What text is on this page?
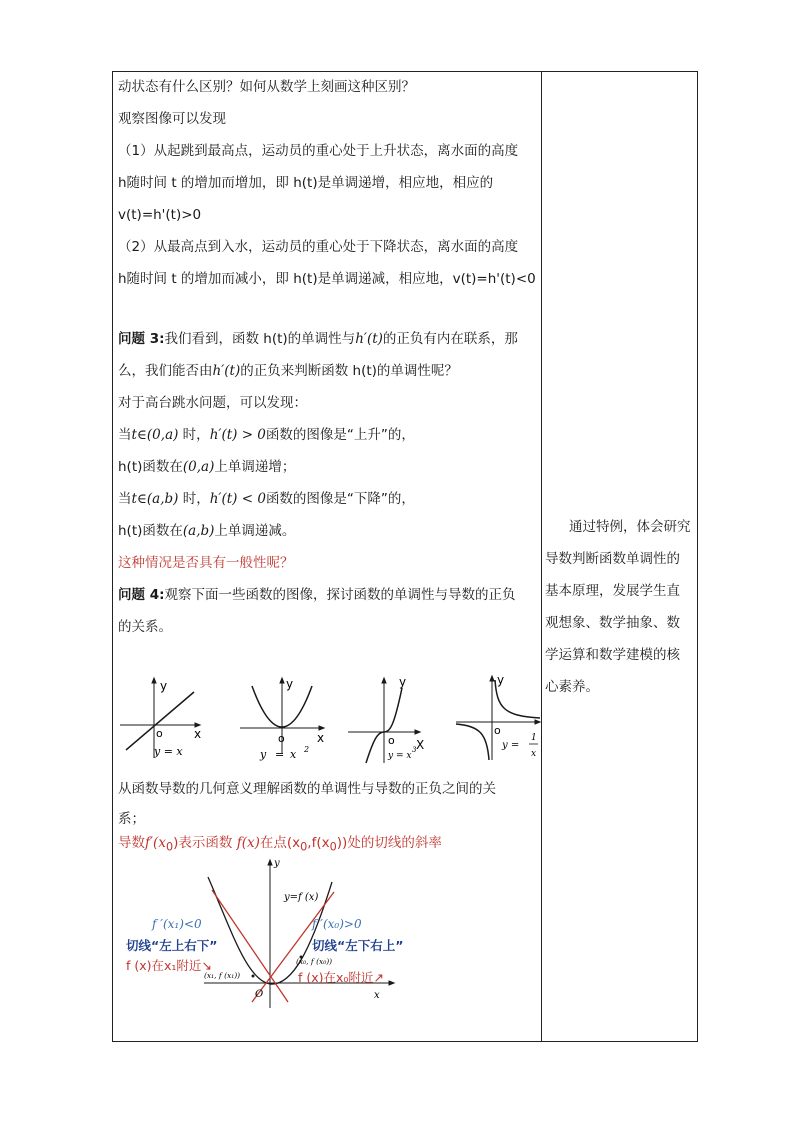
动状态有什么区别？如何从数学上刻画这种区别？
观察图像可以发现
（1）从起跳到最高点，运动员的重心处于上升状态，离水面的高度
h随时间 t 的增加而增加，即 h(t)是单调递增，相应地，相应的
v(t)=h'(t)>0
（2）从最高点到入水，运动员的重心处于下降状态，离水面的高度
h随时间 t 的增加而减小，即 h(t)是单调递减，相应地，v(t)=h'(t)<0
问题 3:我们看到，函数 h(t)的单调性与h′(t)的正负有内在联系，那
么，我们能否由h′(t)的正负来判断函数 h(t)的单调性呢？
对于高台跳水问题，可以发现：
当t∈(0,a) 时，h′(t) > 0函数的图像是“上升”的，
h(t)函数在(0,a)上单调递增；
当t∈(a,b) 时，h′(t) < 0函数的图像是“下降”的，
h(t)函数在(a,b)上单调递减。
这种情况是否具有一般性呢？
问题 4:观察下面一些函数的图像，探讨函数的单调性与导数的正负
的关系。
从函数导数的几何意义理解函数的单调性与导数的正负之间的关
系；
导数$f'(x_0)$表示函数 f(x)在点$(x_0,f(x_0))$处的切线的斜率
y
x
o
y = x
y
x
o
y = x 2
y
X
o
y = x3
y
o
y =
1
x
y
x
O
y=f (x)
f ′(x₁)<0
切线“左上右下”
f (x)在x₁附近↘
(x₁, f (x₁))
f ′(x₀)>0
切线“左下右上”
(x₀, f (x₀))
f (x)在x₀附近↗
通过特例，体会研究
导数判断函数单调性的
基本原理，发展学生直
观想象、数学抽象、数
学运算和数学建模的核
心素养。
